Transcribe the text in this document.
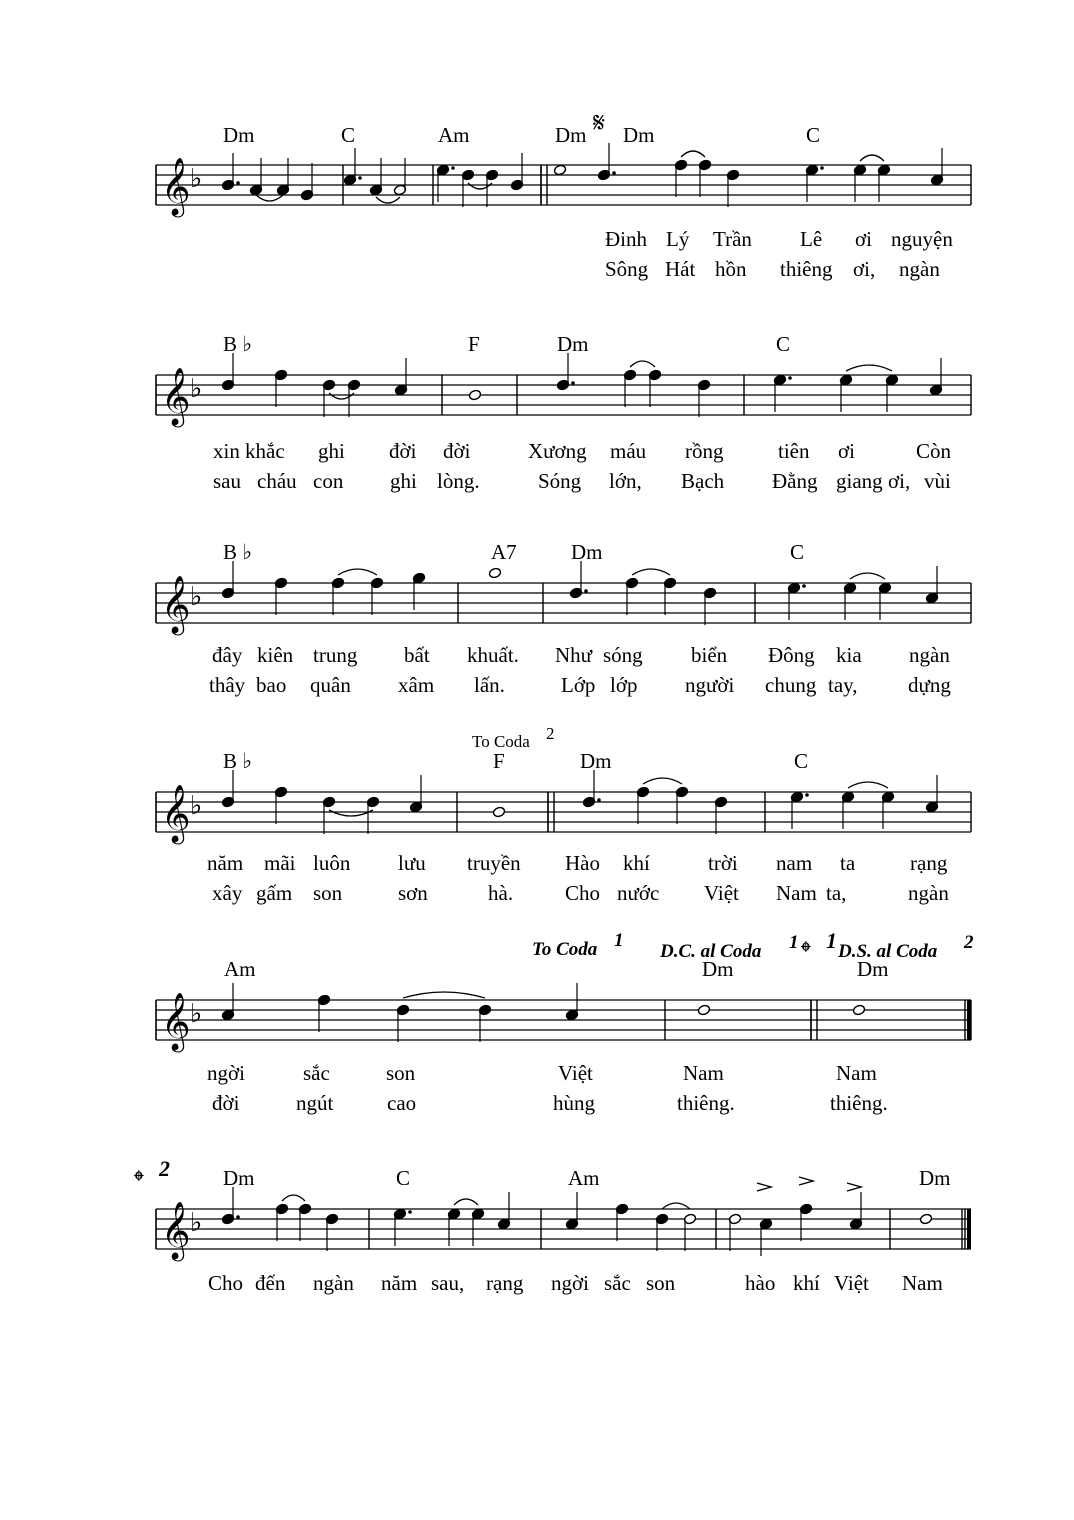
𝄞 ♭
𝄞 ♭
𝄞 ♭
𝄞 ♭
𝄞 ♭
𝄞 ♭
Dm	C	Am	Dm 𝄋 Dm	C
Đinh Lý Trần Lê ơi nguyện
Sông Hát hồn thiêng ơi, ngàn
B ♭	F	Dm	C
xin khắc ghi đời đời	Xương máu rồng	tiên ơi	Còn
sau cháu con ghi lòng.	Sóng lớn, Bạch Đằng giang ơi, vùi
B ♭	A7	Dm	C
đây kiên trung bất khuất. Như sóng biển Đông kia ngàn
thây bao quân xâm lấn.	Lớp lớp người chung tay, dựng
To Coda 2
B ♭	F	Dm	C
năm mãi luôn lưu truyền Hào khí	trời nam ta	rạng
xây gấm son	sơn	hà. Cho nước Việt Nam ta,	ngàn
To Coda 1
D.C. al Coda 1 𝄌 1 D.S. al Coda 2
Am	Dm	Dm
ngời	sắc	son	Việt	Nam	Nam
đời	ngút	cao	hùng	thiêng.	thiêng.
𝄌 2	Dm	C	Am	Dm
Cho đến ngàn năm sau, rạng ngời sắc son	hào khí Việt Nam
